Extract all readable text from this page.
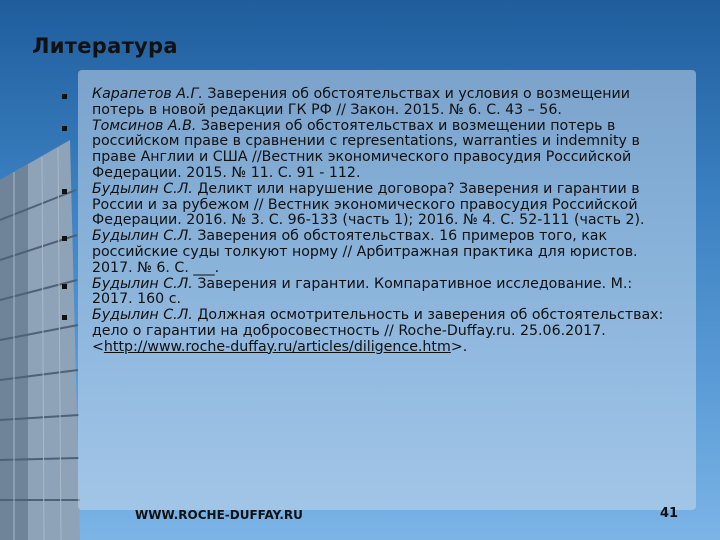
Литература
Карапетов А.Г. Заверения об обстоятельствах и условия о возмещении потерь в новой редакции ГК РФ // Закон. 2015. № 6. С. 43 – 56.
Томсинов А.В. Заверения об обстоятельствах и возмещении потерь в российском праве в сравнении с representations, warranties и indemnity в праве Англии и США //Вестник экономического правосудия Российской Федерации. 2015. № 11. С. 91 - 112.
Будылин С.Л. Деликт или нарушение договора? Заверения и гарантии в России и за рубежом // Вестник экономического правосудия Российской Федерации. 2016. № 3. С. 96-133 (часть 1); 2016. № 4. С. 52-111 (часть 2).
Будылин С.Л. Заверения об обстоятельствах. 16 примеров того, как российские суды толкуют норму // Арбитражная практика для юристов. 2017. № 6. С. ___.
Будылин С.Л. Заверения и гарантии. Компаративное исследование. М.: 2017. 160 с.
Будылин С.Л. Должная осмотрительность и заверения об обстоятельствах: дело о гарантии на добросовестность // Roche-Duffay.ru. 25.06.2017. <http://www.roche-duffay.ru/articles/diligence.htm>.
WWW.ROCHE-DUFFAY.RU	41
